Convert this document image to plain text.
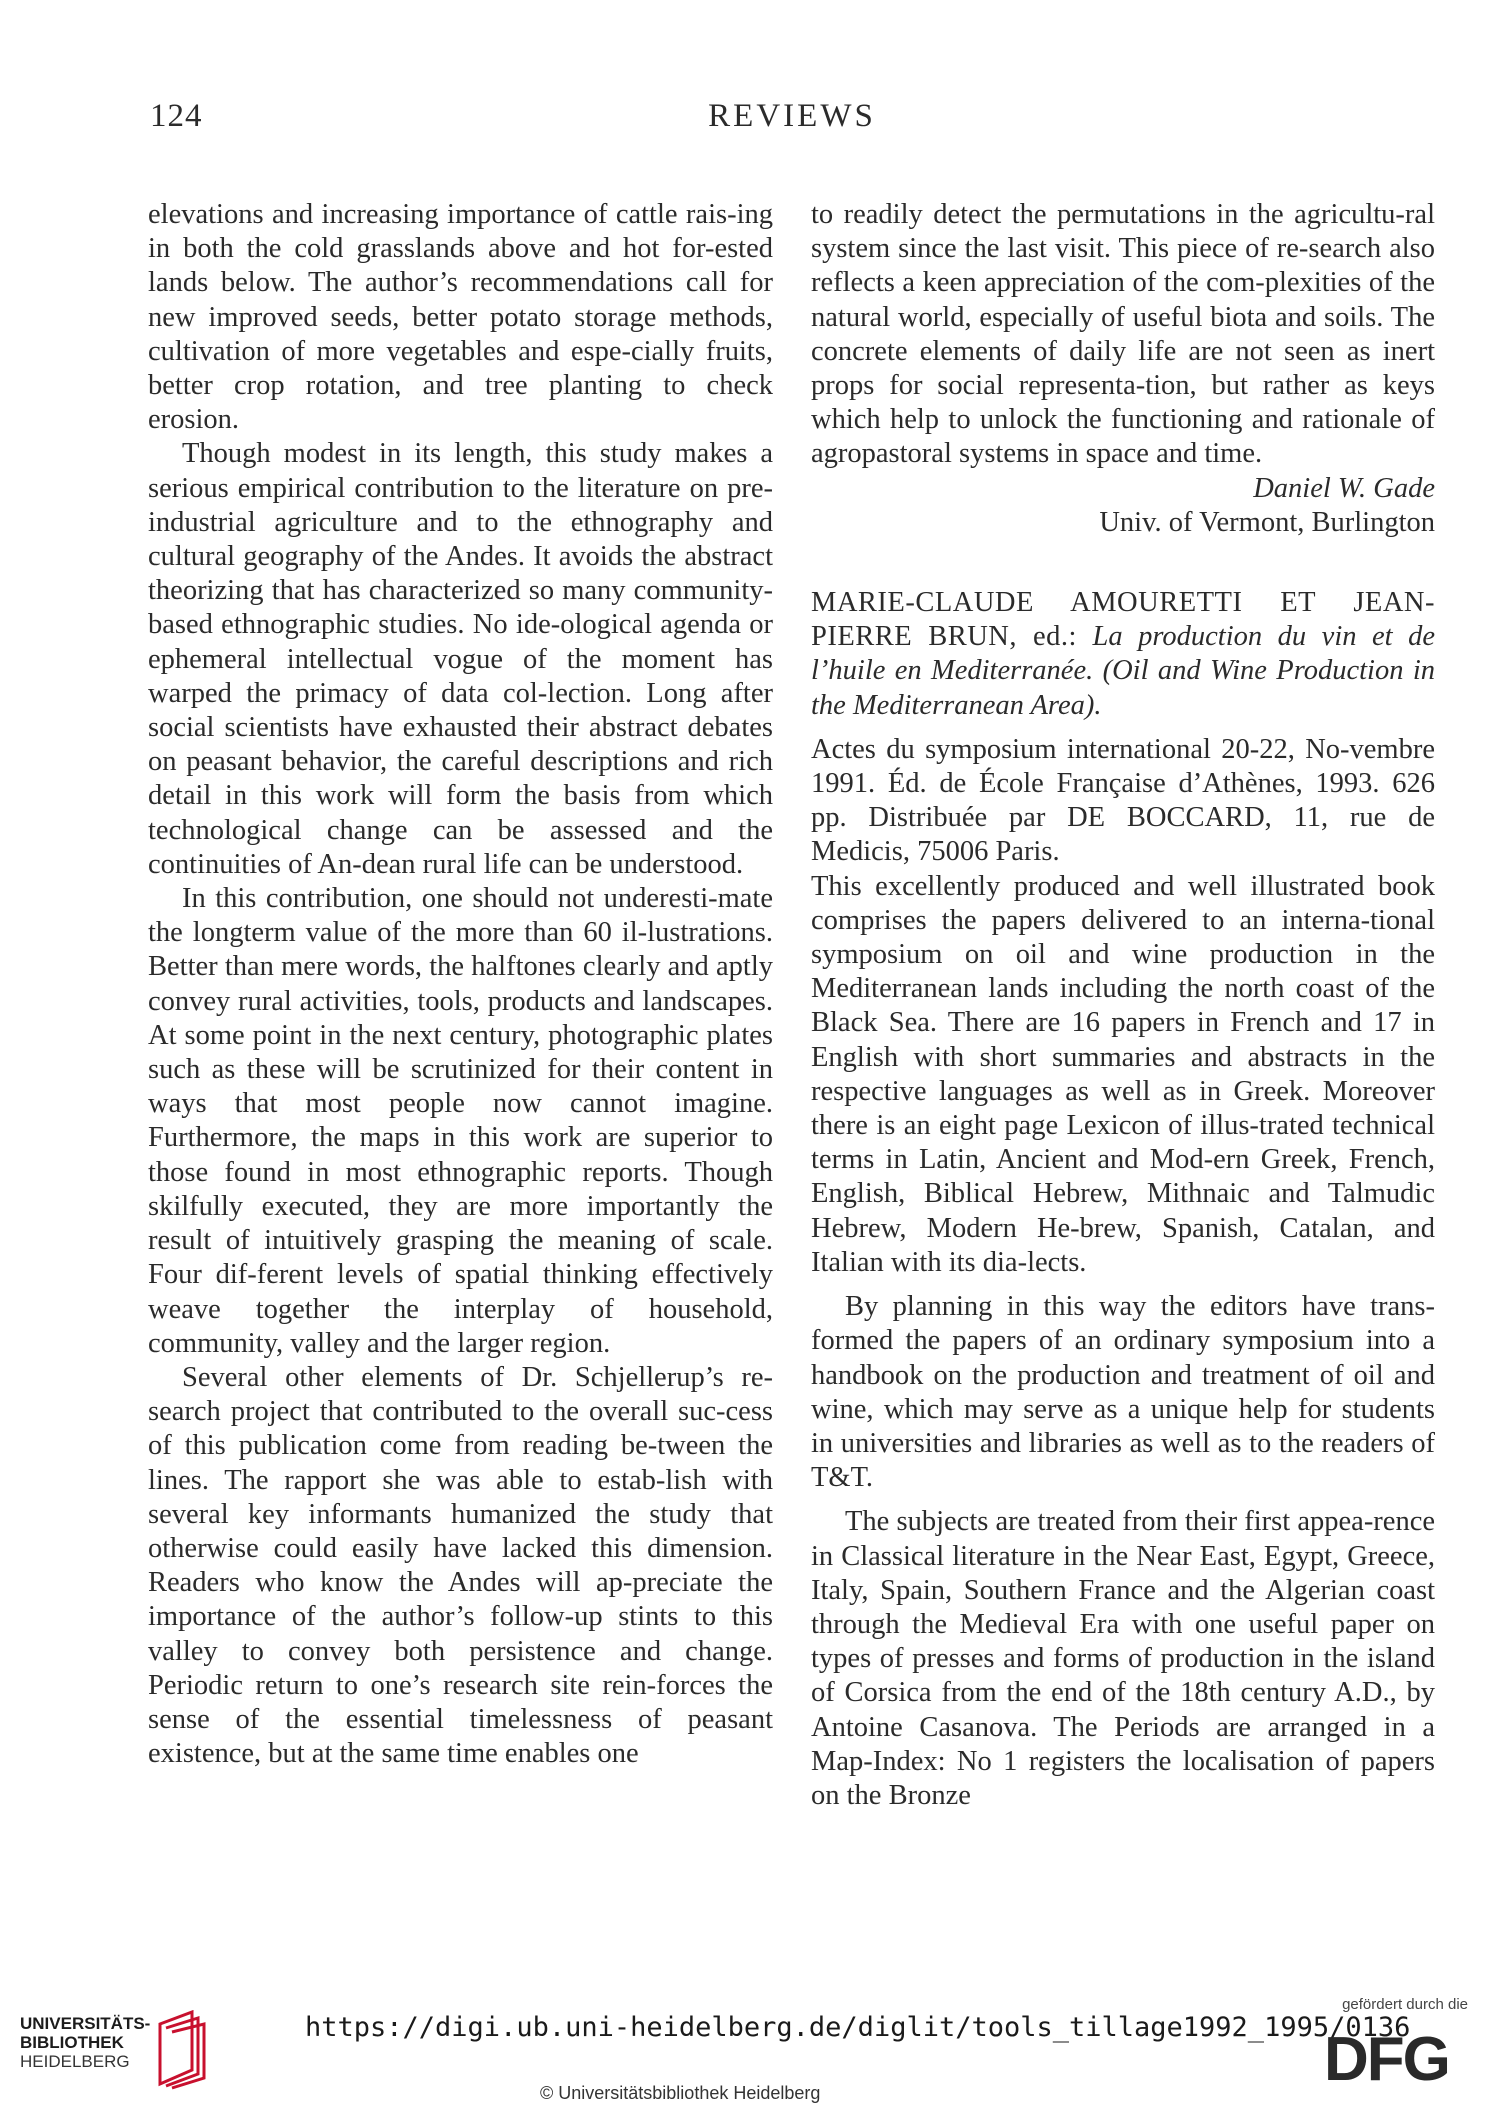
124	REVIEWS

elevations and increasing importance of cattle rais-ing in both the cold grasslands above and hot for-ested lands below. The author’s recommendations call for new improved seeds, better potato storage methods, cultivation of more vegetables and espe-cially fruits, better crop rotation, and tree planting to check erosion.

Though modest in its length, this study makes a serious empirical contribution to the literature on pre-industrial agriculture and to the ethnography and cultural geography of the Andes. It avoids the abstract theorizing that has characterized so many community-based ethnographic studies. No ide-ological agenda or ephemeral intellectual vogue of the moment has warped the primacy of data col-lection. Long after social scientists have exhausted their abstract debates on peasant behavior, the careful descriptions and rich detail in this work will form the basis from which technological change can be assessed and the continuities of An-dean rural life can be understood.

In this contribution, one should not underesti-mate the longterm value of the more than 60 il-lustrations. Better than mere words, the halftones clearly and aptly convey rural activities, tools, products and landscapes. At some point in the next century, photographic plates such as these will be scrutinized for their content in ways that most people now cannot imagine. Furthermore, the maps in this work are superior to those found in most ethnographic reports. Though skilfully executed, they are more importantly the result of intuitively grasping the meaning of scale. Four dif-ferent levels of spatial thinking effectively weave together the interplay of household, community, valley and the larger region.

Several other elements of Dr. Schjellerup’s re-search project that contributed to the overall suc-cess of this publication come from reading be-tween the lines. The rapport she was able to estab-lish with several key informants humanized the study that otherwise could easily have lacked this dimension. Readers who know the Andes will ap-preciate the importance of the author’s follow-up stints to this valley to convey both persistence and change. Periodic return to one’s research site rein-forces the sense of the essential timelessness of peasant existence, but at the same time enables one

to readily detect the permutations in the agricultu-ral system since the last visit. This piece of re-search also reflects a keen appreciation of the com-plexities of the natural world, especially of useful biota and soils. The concrete elements of daily life are not seen as inert props for social representa-tion, but rather as keys which help to unlock the functioning and rationale of agropastoral systems in space and time.

Daniel W. Gade
Univ. of Vermont, Burlington

MARIE-CLAUDE AMOURETTI ET JEAN-PIERRE BRUN, ed.: La production du vin et de l’huile en Mediterranée. (Oil and Wine Production in the Mediterranean Area).

Actes du symposium international 20-22, No-vembre 1991. Éd. de École Française d’Athènes, 1993. 626 pp. Distribuée par DE BOCCARD, 11, rue de Medicis, 75006 Paris.

This excellently produced and well illustrated book comprises the papers delivered to an interna-tional symposium on oil and wine production in the Mediterranean lands including the north coast of the Black Sea. There are 16 papers in French and 17 in English with short summaries and abstracts in the respective languages as well as in Greek. Moreover there is an eight page Lexicon of illus-trated technical terms in Latin, Ancient and Mod-ern Greek, French, English, Biblical Hebrew, Mithnaic and Talmudic Hebrew, Modern He-brew, Spanish, Catalan, and Italian with its dia-lects.

By planning in this way the editors have trans-formed the papers of an ordinary symposium into a handbook on the production and treatment of oil and wine, which may serve as a unique help for students in universities and libraries as well as to the readers of T&T.

The subjects are treated from their first appea-rence in Classical literature in the Near East, Egypt, Greece, Italy, Spain, Southern France and the Algerian coast through the Medieval Era with one useful paper on types of presses and forms of production in the island of Corsica from the end of the 18th century A.D., by Antoine Casanova. The Periods are arranged in a Map-Index: No 1 registers the localisation of papers on the Bronze

UNIVERSITÄTS-
BIBLIOTHEK
HEIDELBERG
https://digi.ub.uni-heidelberg.de/diglit/tools_tillage1992_1995/0136
© Universitätsbibliothek Heidelberg
gefördert durch die
DFG
